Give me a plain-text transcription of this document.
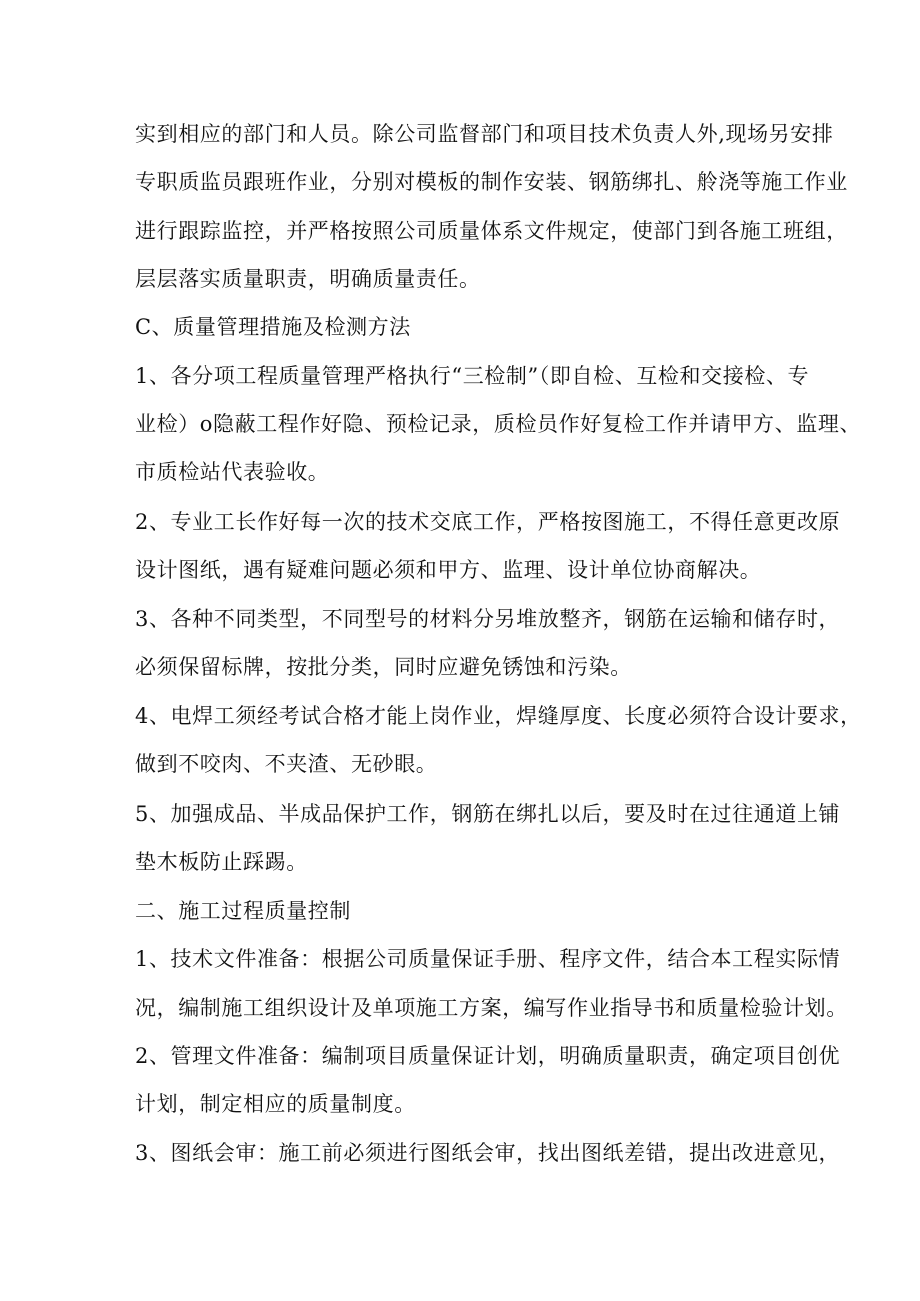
实到相应的部门和人员。除公司监督部门和项目技术负责人外,现场另安排
专职质监员跟班作业，分别对模板的制作安装、钢筋绑扎、舲浇等施工作业
进行跟踪监控，并严格按照公司质量体系文件规定，使部门到各施工班组，
层层落实质量职责，明确质量责任。
C、质量管理措施及检测方法
1、各分项工程质量管理严格执行“三检制”（即自检、互检和交接检、专
业检）o隐蔽工程作好隐、预检记录，质检员作好复检工作并请甲方、监理、
市质检站代表验收。
2、专业工长作好每一次的技术交底工作，严格按图施工，不得任意更改原
设计图纸，遇有疑难问题必须和甲方、监理、设计单位协商解决。
3、各种不同类型，不同型号的材料分另堆放整齐，钢筋在运输和储存时，
必须保留标牌，按批分类，同时应避免锈蚀和污染。
4、电焊工须经考试合格才能上岗作业，焊缝厚度、长度必须符合设计要求，
做到不咬肉、不夹渣、无砂眼。
5、加强成品、半成品保护工作，钢筋在绑扎以后，要及时在过往通道上铺
垫木板防止踩踢。
二、施工过程质量控制
1、技术文件准备：根据公司质量保证手册、程序文件，结合本工程实际情
况，编制施工组织设计及单项施工方案，编写作业指导书和质量检验计划。
2、管理文件准备：编制项目质量保证计划，明确质量职责，确定项目创优
计划，制定相应的质量制度。
3、图纸会审：施工前必须进行图纸会审，找出图纸差错，提出改进意见，
